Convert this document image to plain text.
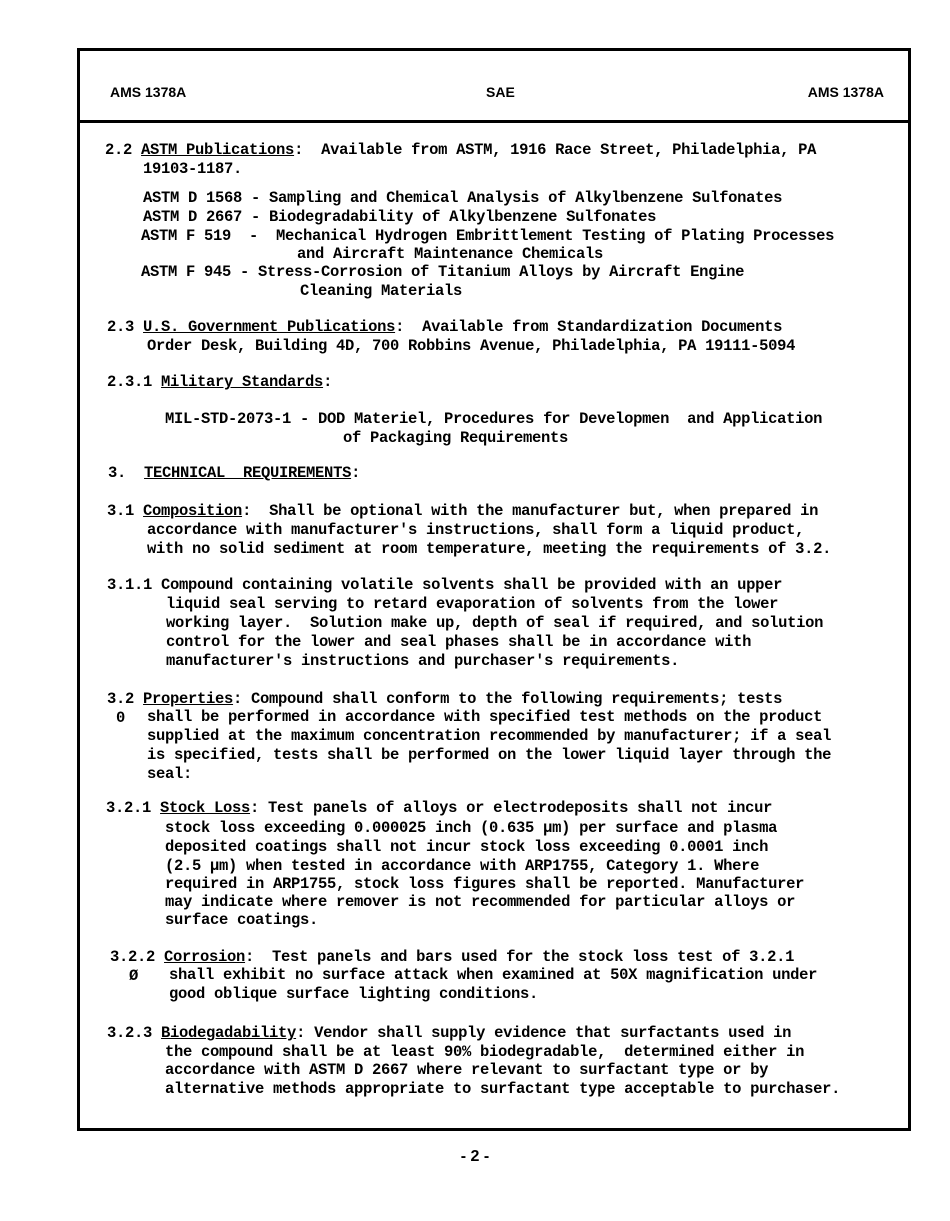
AMS 1378A	SAE	AMS 1378A
2.2 ASTM Publications:  Available from ASTM, 1916 Race Street, Philadelphia, PA
19103-1187.
ASTM D 1568 - Sampling and Chemical Analysis of Alkylbenzene Sulfonates
ASTM D 2667 - Biodegradability of Alkylbenzene Sulfonates
ASTM F 519  -  Mechanical Hydrogen Embrittlement Testing of Plating Processes
and Aircraft Maintenance Chemicals
ASTM F 945 - Stress-Corrosion of Titanium Alloys by Aircraft Engine
Cleaning Materials
2.3 U.S. Government Publications:  Available from Standardization Documents
Order Desk, Building 4D, 700 Robbins Avenue, Philadelphia, PA 19111-5094
2.3.1 Military Standards:
MIL-STD-2073-1 - DOD Materiel, Procedures for Developmen  and Application
of Packaging Requirements
3. TECHNICAL  REQUIREMENTS:
3.1 Composition:  Shall be optional with the manufacturer but, when prepared in
accordance with manufacturer's instructions, shall form a liquid product,
with no solid sediment at room temperature, meeting the requirements of 3.2.
3.1.1 Compound containing volatile solvents shall be provided with an upper
liquid seal serving to retard evaporation of solvents from the lower
working layer.  Solution make up, depth of seal if required, and solution
control for the lower and seal phases shall be in accordance with
manufacturer's instructions and purchaser's requirements.
3.2 Properties: Compound shall conform to the following requirements; tests
0 shall be performed in accordance with specified test methods on the product
supplied at the maximum concentration recommended by manufacturer; if a seal
is specified, tests shall be performed on the lower liquid layer through the
seal:
3.2.1 Stock Loss: Test panels of alloys or electrodeposits shall not incur
stock loss exceeding 0.000025 inch (0.635 µm) per surface and plasma
deposited coatings shall not incur stock loss exceeding 0.0001 inch
(2.5 µm) when tested in accordance with ARP1755, Category 1. Where
required in ARP1755, stock loss figures shall be reported. Manufacturer
may indicate where remover is not recommended for particular alloys or
surface coatings.
3.2.2 Corrosion:  Test panels and bars used for the stock loss test of 3.2.1
Ø shall exhibit no surface attack when examined at 50X magnification under
good oblique surface lighting conditions.
3.2.3 Biodegadability: Vendor shall supply evidence that surfactants used in
the compound shall be at least 90% biodegradable,  determined either in
accordance with ASTM D 2667 where relevant to surfactant type or by
alternative methods appropriate to surfactant type acceptable to purchaser.
- 2 -
